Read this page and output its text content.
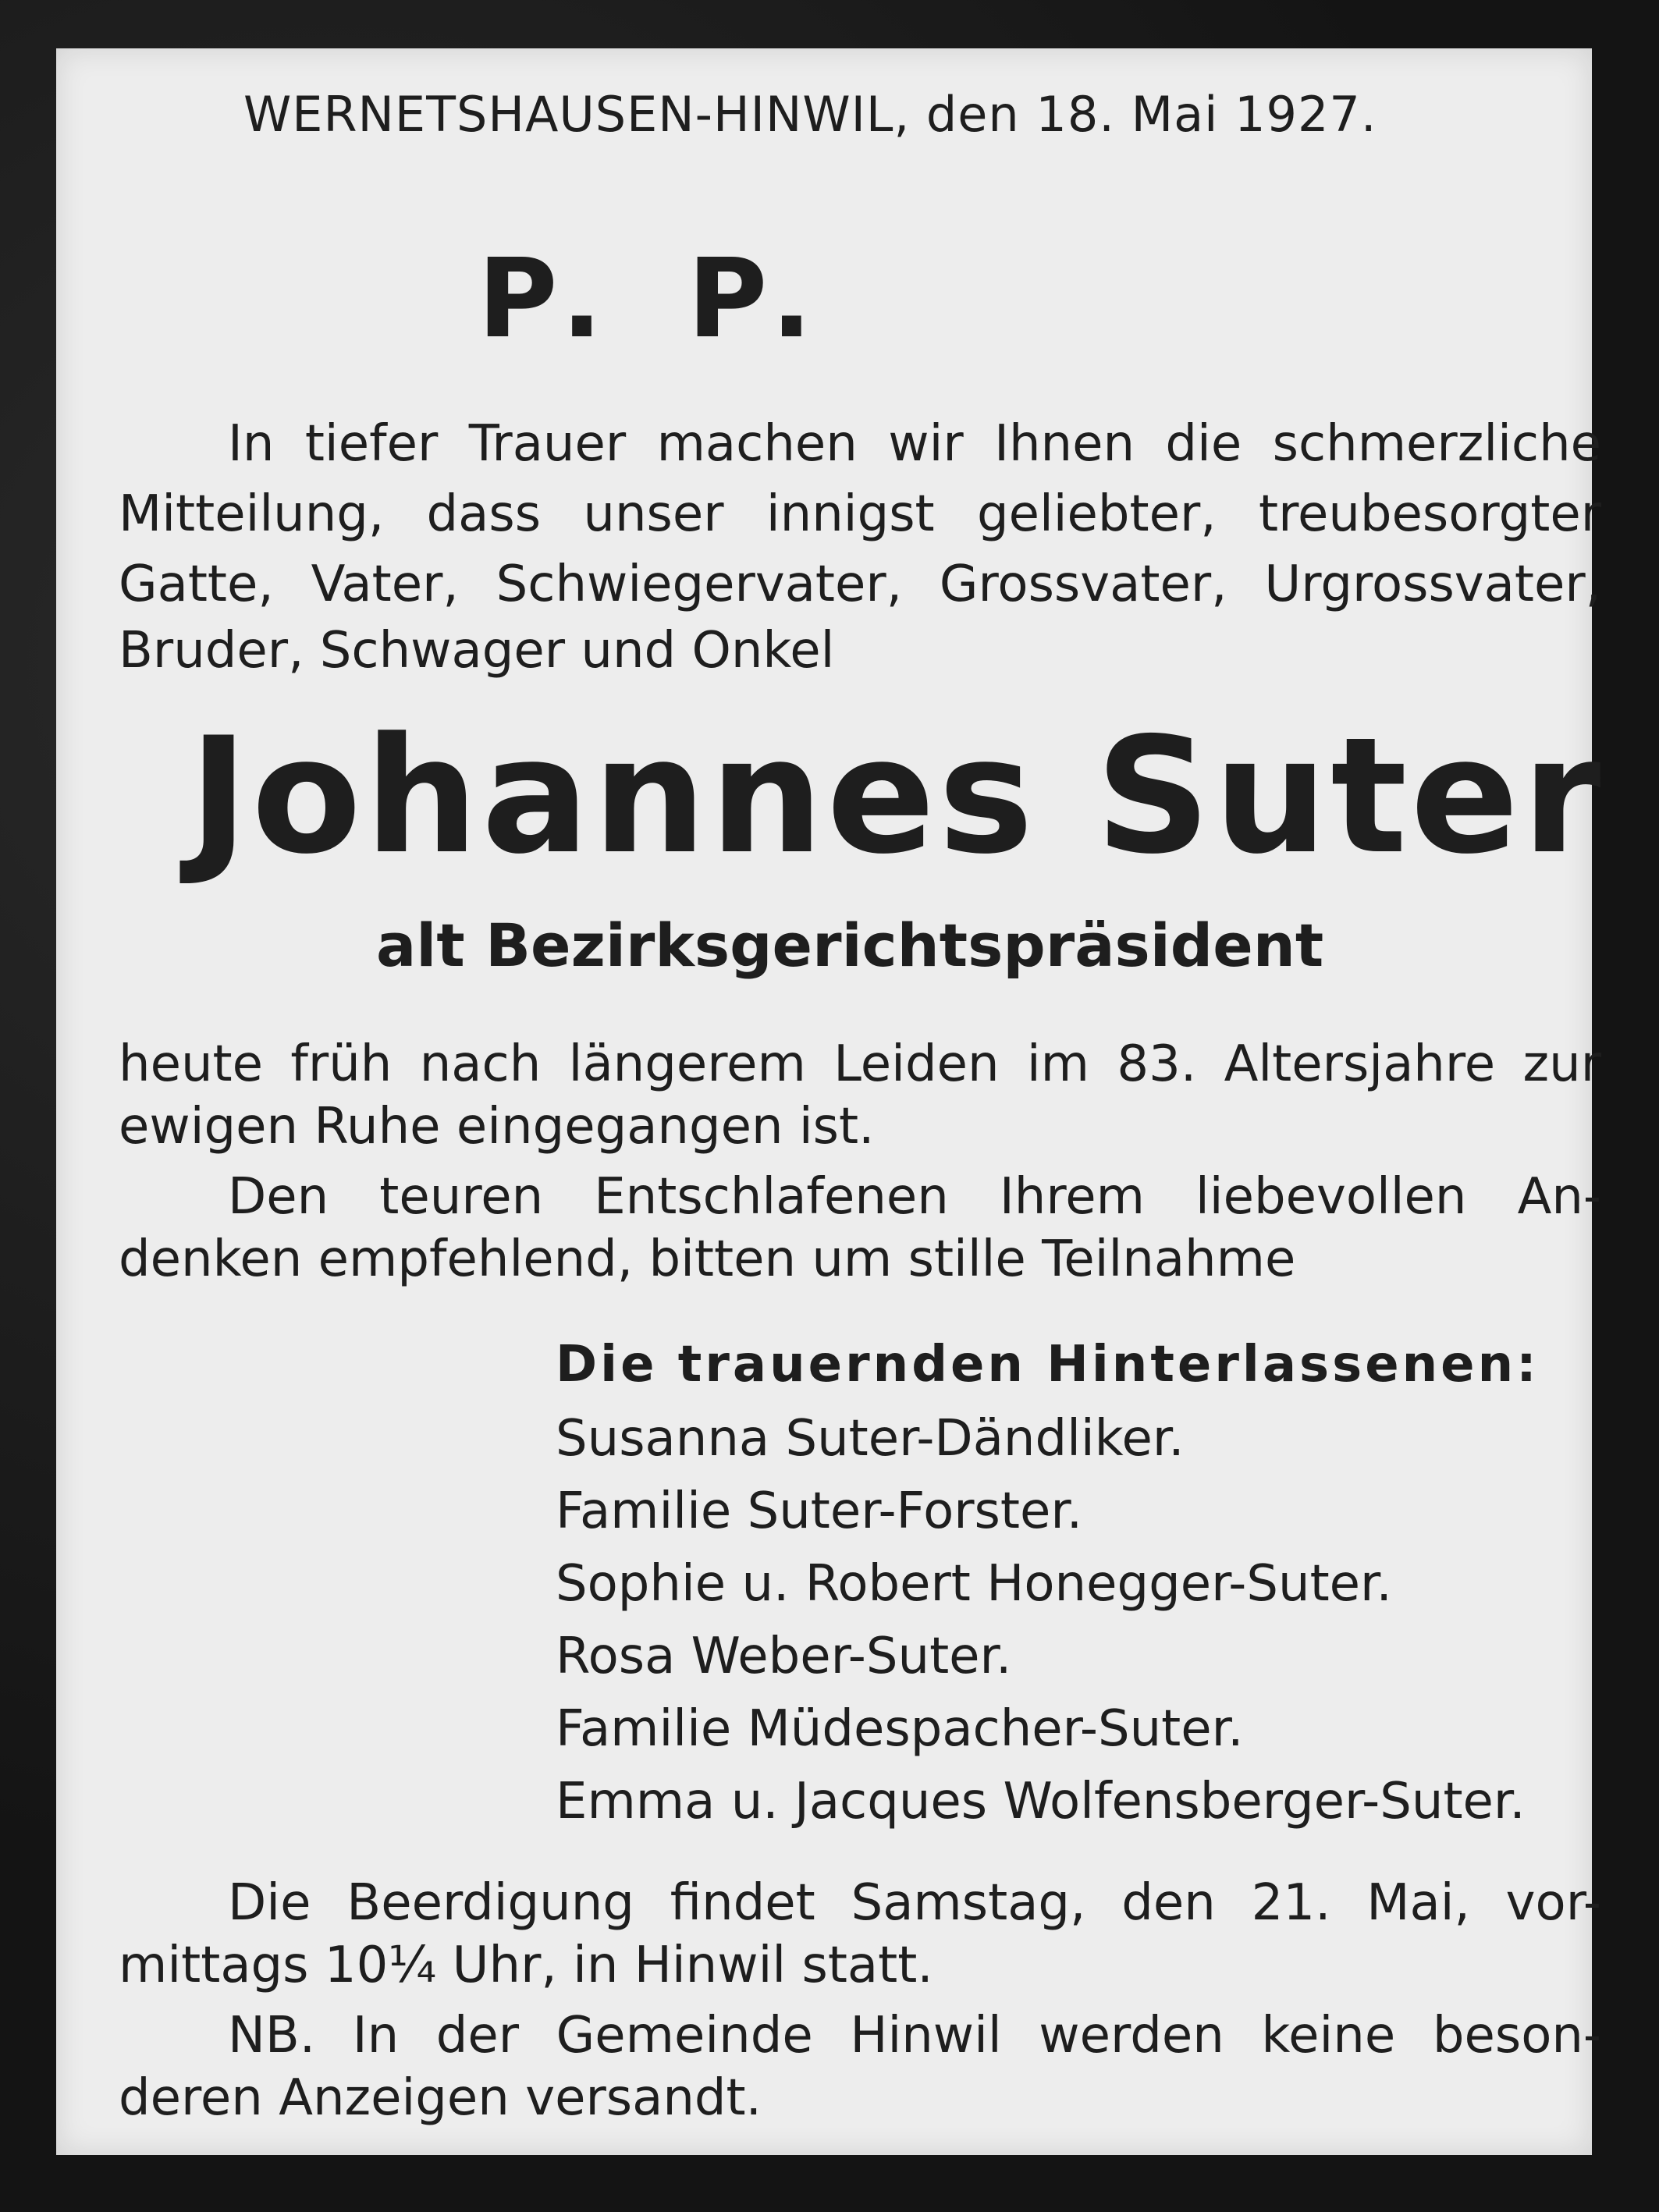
WERNETSHAUSEN-HINWIL, den 18. Mai 1927.
P. P.
In tiefer Trauer machen wir Ihnen die schmerzliche
Mitteilung, dass unser innigst geliebter, treubesorgter
Gatte, Vater, Schwiegervater, Grossvater, Urgrossvater,
Bruder, Schwager und Onkel
Johannes Suter
alt Bezirksgerichtspräsident
heute früh nach längerem Leiden im 83. Altersjahre zur
ewigen Ruhe eingegangen ist.
Den teuren Entschlafenen Ihrem liebevollen An-
denken empfehlend, bitten um stille Teilnahme
Die trauernden Hinterlassenen:
Susanna Suter-Dändliker.
Familie Suter-Forster.
Sophie u. Robert Honegger-Suter.
Rosa Weber-Suter.
Familie Müdespacher-Suter.
Emma u. Jacques Wolfensberger-Suter.
Die Beerdigung findet Samstag, den 21. Mai, vor-
mittags 10¼ Uhr, in Hinwil statt.
NB. In der Gemeinde Hinwil werden keine beson-
deren Anzeigen versandt.
